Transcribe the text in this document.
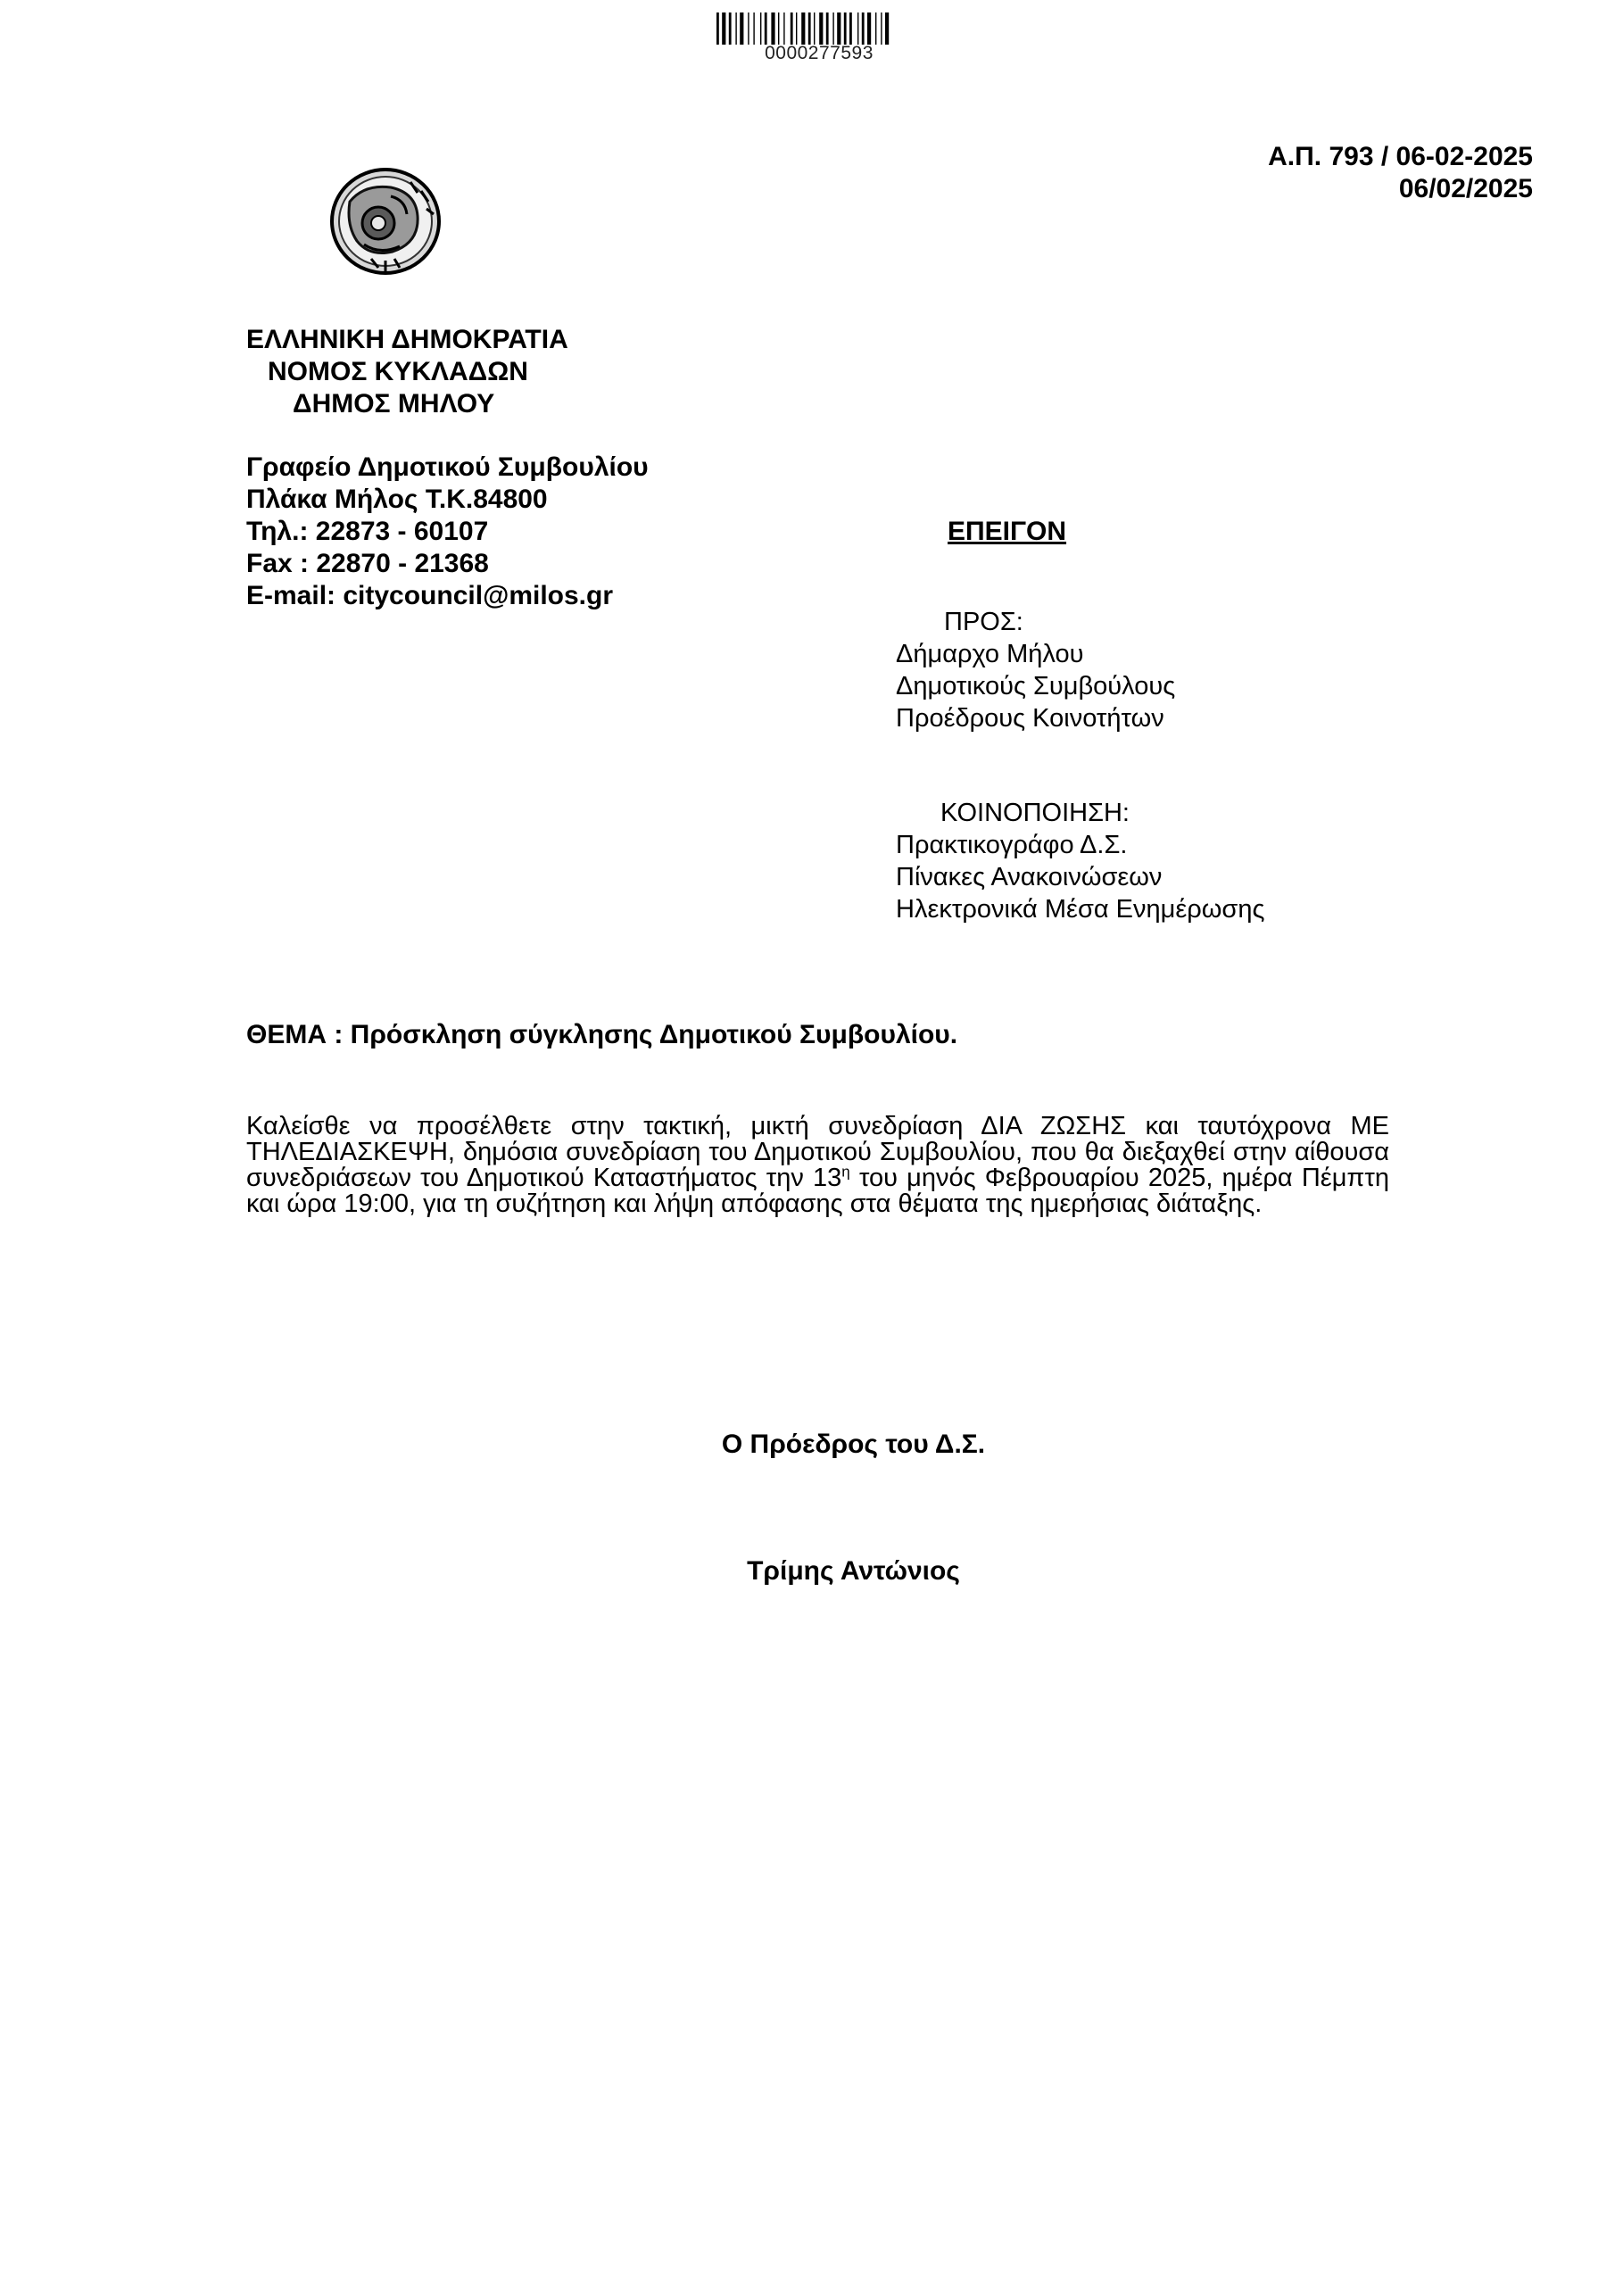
0000277593
Α.Π. 793 / 06-02-2025
06/02/2025
ΕΛΛΗΝΙΚΗ ΔΗΜΟΚΡΑΤΙΑ
ΝΟΜΟΣ ΚΥΚΛΑΔΩΝ
ΔΗΜΟΣ ΜΗΛΟΥ
Γραφείο Δημοτικού Συμβουλίου
Πλάκα Μήλος Τ.Κ.84800
Τηλ.: 22873 - 60107
Fax : 22870 - 21368
E-mail: citycouncil@milos.gr
ΕΠΕΙΓΟΝ
ΠΡΟΣ:
Δήμαρχο Μήλου
Δημοτικούς Συμβούλους
Προέδρους Κοινοτήτων
ΚΟΙΝΟΠΟΙΗΣΗ:
Πρακτικογράφο Δ.Σ.
Πίνακες Ανακοινώσεων
Ηλεκτρονικά Μέσα Ενημέρωσης
ΘΕΜΑ : Πρόσκληση σύγκλησης Δημοτικού Συμβουλίου.
Καλείσθε να προσέλθετε στην τακτική, μικτή συνεδρίαση ΔΙΑ ΖΩΣΗΣ και ταυτόχρονα ΜΕ ΤΗΛΕΔΙΑΣΚΕΨΗ, δημόσια συνεδρίαση του Δημοτικού Συμβουλίου, που θα διεξαχθεί στην αίθουσα συνεδριάσεων του Δημοτικού Καταστήματος την $13^\eta$ του μηνός Φεβρουαρίου 2025, ημέρα Πέμπτη και ώρα 19:00, για τη συζήτηση και λήψη απόφασης στα θέματα της ημερήσιας διάταξης.
Ο Πρόεδρος του Δ.Σ.
Τρίμης Αντώνιος
